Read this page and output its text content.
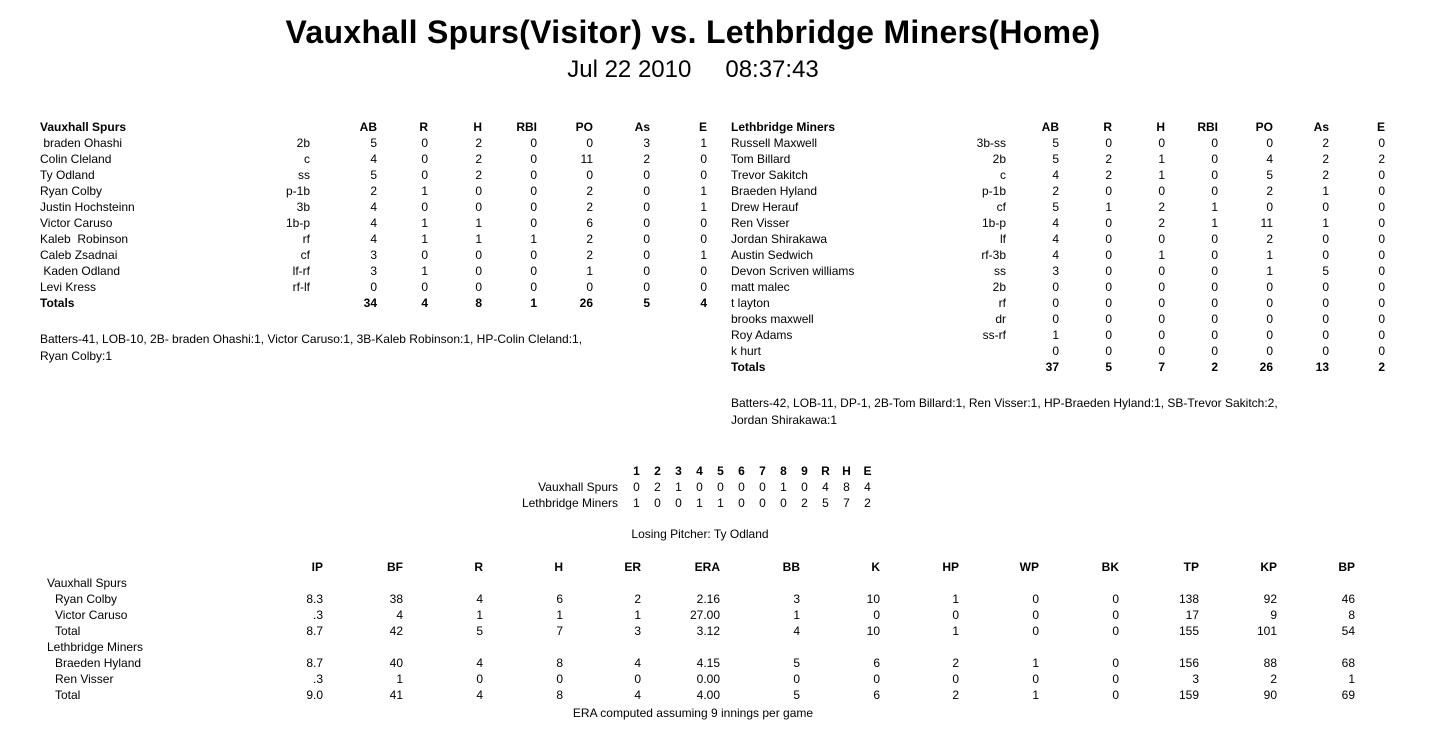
Vauxhall Spurs(Visitor) vs. Lethbridge Miners(Home)
Jul 22 2010 08:37:43
Vauxhall Spurs		AB	R	H	RBI	PO	As	E
braden Ohashi	2b	5	0	2	0	0	3	1
Colin Cleland	c	4	0	2	0	11	2	0
Ty Odland	ss	5	0	2	0	0	0	0
Ryan Colby	p-1b	2	1	0	0	2	0	1
Justin Hochsteinn	3b	4	0	0	0	2	0	1
Victor Caruso	1b-p	4	1	1	0	6	0	0
Kaleb  Robinson	rf	4	1	1	1	2	0	0
Caleb Zsadnai	cf	3	0	0	0	2	0	1
Kaden Odland	lf-rf	3	1	0	0	1	0	0
Levi Kress	rf-lf	0	0	0	0	0	0	0
Totals		34	4	8	1	26	5	4
Batters-41, LOB-10, 2B- braden Ohashi:1, Victor Caruso:1, 3B-Kaleb Robinson:1, HP-Colin Cleland:1,
Ryan Colby:1
Lethbridge Miners		AB	R	H	RBI	PO	As	E
Russell Maxwell	3b-ss	5	0	0	0	0	2	0
Tom Billard	2b	5	2	1	0	4	2	2
Trevor Sakitch	c	4	2	1	0	5	2	0
Braeden Hyland	p-1b	2	0	0	0	2	1	0
Drew Herauf	cf	5	1	2	1	0	0	0
Ren Visser	1b-p	4	0	2	1	11	1	0
Jordan Shirakawa	lf	4	0	0	0	2	0	0
Austin Sedwich	rf-3b	4	0	1	0	1	0	0
Devon Scriven williams	ss	3	0	0	0	1	5	0
matt malec	2b	0	0	0	0	0	0	0
t layton	rf	0	0	0	0	0	0	0
brooks maxwell	dr	0	0	0	0	0	0	0
Roy Adams	ss-rf	1	0	0	0	0	0	0
k hurt		0	0	0	0	0	0	0
Totals		37	5	7	2	26	13	2
Batters-42, LOB-11, DP-1, 2B-Tom Billard:1, Ren Visser:1, HP-Braeden Hyland:1, SB-Trevor Sakitch:2,
Jordan Shirakawa:1
	1	2	3	4	5	6	7	8	9	R	H	E
Vauxhall Spurs	0	2	1	0	0	0	0	1	0	4	8	4
Lethbridge Miners	1	0	0	1	1	0	0	0	2	5	7	2
Losing Pitcher: Ty Odland
	IP	BF	R	H	ER	ERA	BB	K	HP	WP	BK	TP	KP	BP
Vauxhall Spurs														
Ryan Colby	8.3	38	4	6	2	2.16	3	10	1	0	0	138	92	46
Victor Caruso	.3	4	1	1	1	27.00	1	0	0	0	0	17	9	8
Total	8.7	42	5	7	3	3.12	4	10	1	0	0	155	101	54
Lethbridge Miners														
Braeden Hyland	8.7	40	4	8	4	4.15	5	6	2	1	0	156	88	68
Ren Visser	.3	1	0	0	0	0.00	0	0	0	0	0	3	2	1
Total	9.0	41	4	8	4	4.00	5	6	2	1	0	159	90	69
ERA computed assuming 9 innings per game
